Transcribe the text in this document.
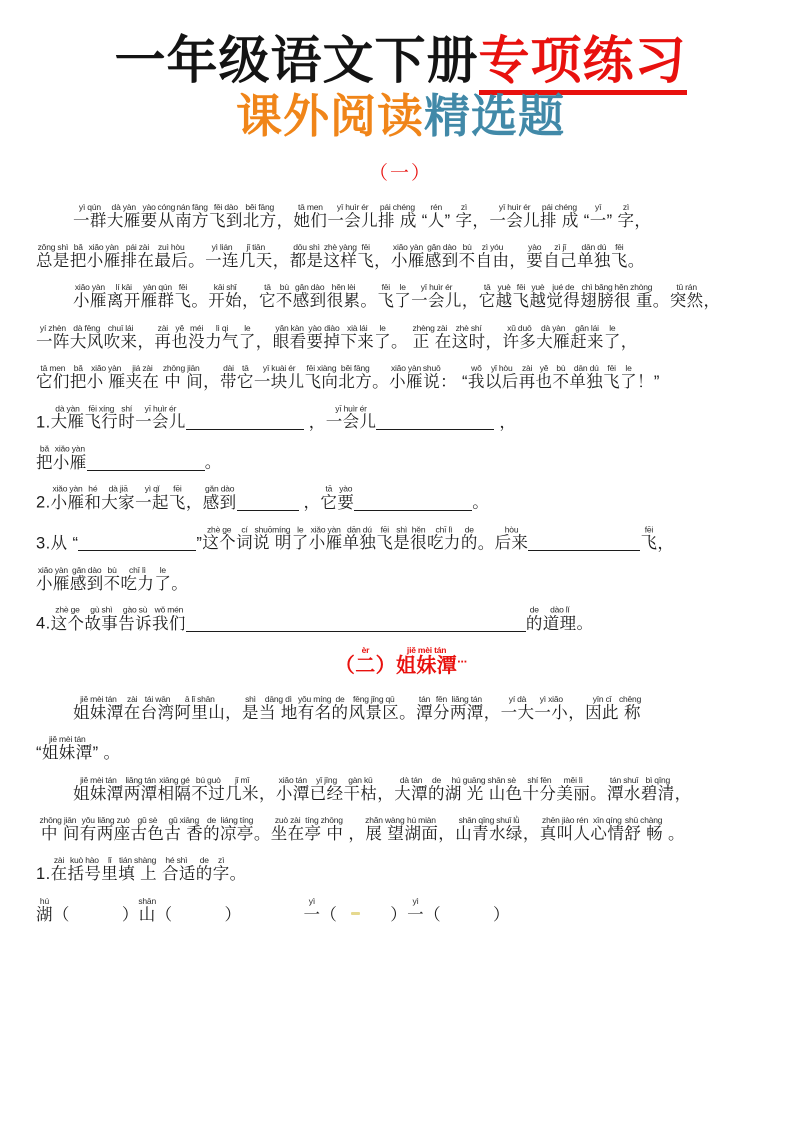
一年级语文下册专项练习
课外阅读精选题
（一）
一群yì qún大雁dà yàn要yào从cóng南方nán fāng飞到fēi dào北方běi fāng，她们tā men一会儿yī huìr ér排 成pái chéng “人rén” 字zì，一会儿yī huìr ér排 成pái chéng “一yī” 字zì，
总是zǒng shì把bǎ小雁xiǎo yàn排在pái zài最后zuì hòu。一连yì lián几天jǐ tiān，都是dōu shì这样zhè yàng飞fēi，小雁xiǎo yàn感到gǎn dào不bù自由zì yóu，要yào自己zì jǐ单独dān dú飞fēi。
小雁xiǎo yàn离开lí kāi雁群yàn qún飞fēi。开始kāi shǐ，它tā不bù感到gǎn dào很累hěn lèi。飞fēi了le一会儿yī huìr ér，它tā越yuè飞fēi越yuè觉得jué de翅膀chì bǎng很 重hěn zhòng。突然tū rán，
一阵yí zhèn大风dà fēng吹来chuī lái，再zài也yě没méi力气lì qi了le，眼看yǎn kàn要yào掉diào下来xià lái了le。 正 在zhèng zài这时zhè shí，许多xǔ duō大雁dà yàn赶来gǎn lái了le，
它们tā men把bǎ小 雁xiǎo yàn夹在jiá zài 中 间zhōng jiān，带dài它tā一块儿yī kuài ér飞向fēi xiàng北方běi fāng。小雁xiǎo yàn说shuō： “我wǒ以后yǐ hòu再zài也yě不bù单独dān dú飞fēi了le！”
1.大雁dà yàn飞行fēi xíng时shí一会儿yī huìr ér ，一会儿yī huìr ér ，
把bǎ小雁xiǎo yàn。
2.小雁xiǎo yàn和hé大家dà jiā一起yì qǐ飞fēi，感到gǎn dào ，它tā要yào。
3.从 “	”这个zhè ge词cí说 明shuōmíng了le小雁xiǎo yàn单独dān dú飞fēi是shì很hěn吃力chī lì的de。后来hòu飞fēi，
小雁xiǎo yàn感到gǎn dào不bù吃力chī lì了le。
4.这个zhè ge故事gù shì告诉gào sù我们wǒ mén的de道理dào lǐ。
（二èr）姐妹潭jiě mèi tán⋯
姐妹潭jiě mèi tán在zài台湾tái wān阿里山ā lǐ shān，是shì当 地dāng dì有名yǒu míng的de风景区fēng jǐng qū。潭tán分fēn两潭liǎng tán，一大yí dà一小yì xiǎo，因此yīn cǐ 称chēng
“姐妹潭jiě mèi tán” 。
姐妹潭jiě mèi tán两潭liǎng tán相隔xiāng gé不过bú guò几米jǐ mǐ，小潭xiǎo tán已经yǐ jīng干枯gàn kū，大潭dà tán的de湖 光 山色hú guāng shān sè十分shí fēn美丽měi lì。潭水tán shuǐ碧清bì qīng，
中 间zhōng jiān有yǒu两座liǎng zuò古色gǔ sè古 香gǔ xiāng的de凉亭liáng tíng。坐在zuò zài亭 中tíng zhōng ，展 望zhǎn wàng湖面hú miàn，山青水绿shān qīng shuǐ lǜ，真叫人zhēn jiào rén心情xīn qíng舒 畅shū chàng 。
1.在zài括号kuò hào里lǐ填 上tián shàng 合适hé shì的de字zì。
湖hú（	）山shān（	）	一yì（	）一yì（	）
